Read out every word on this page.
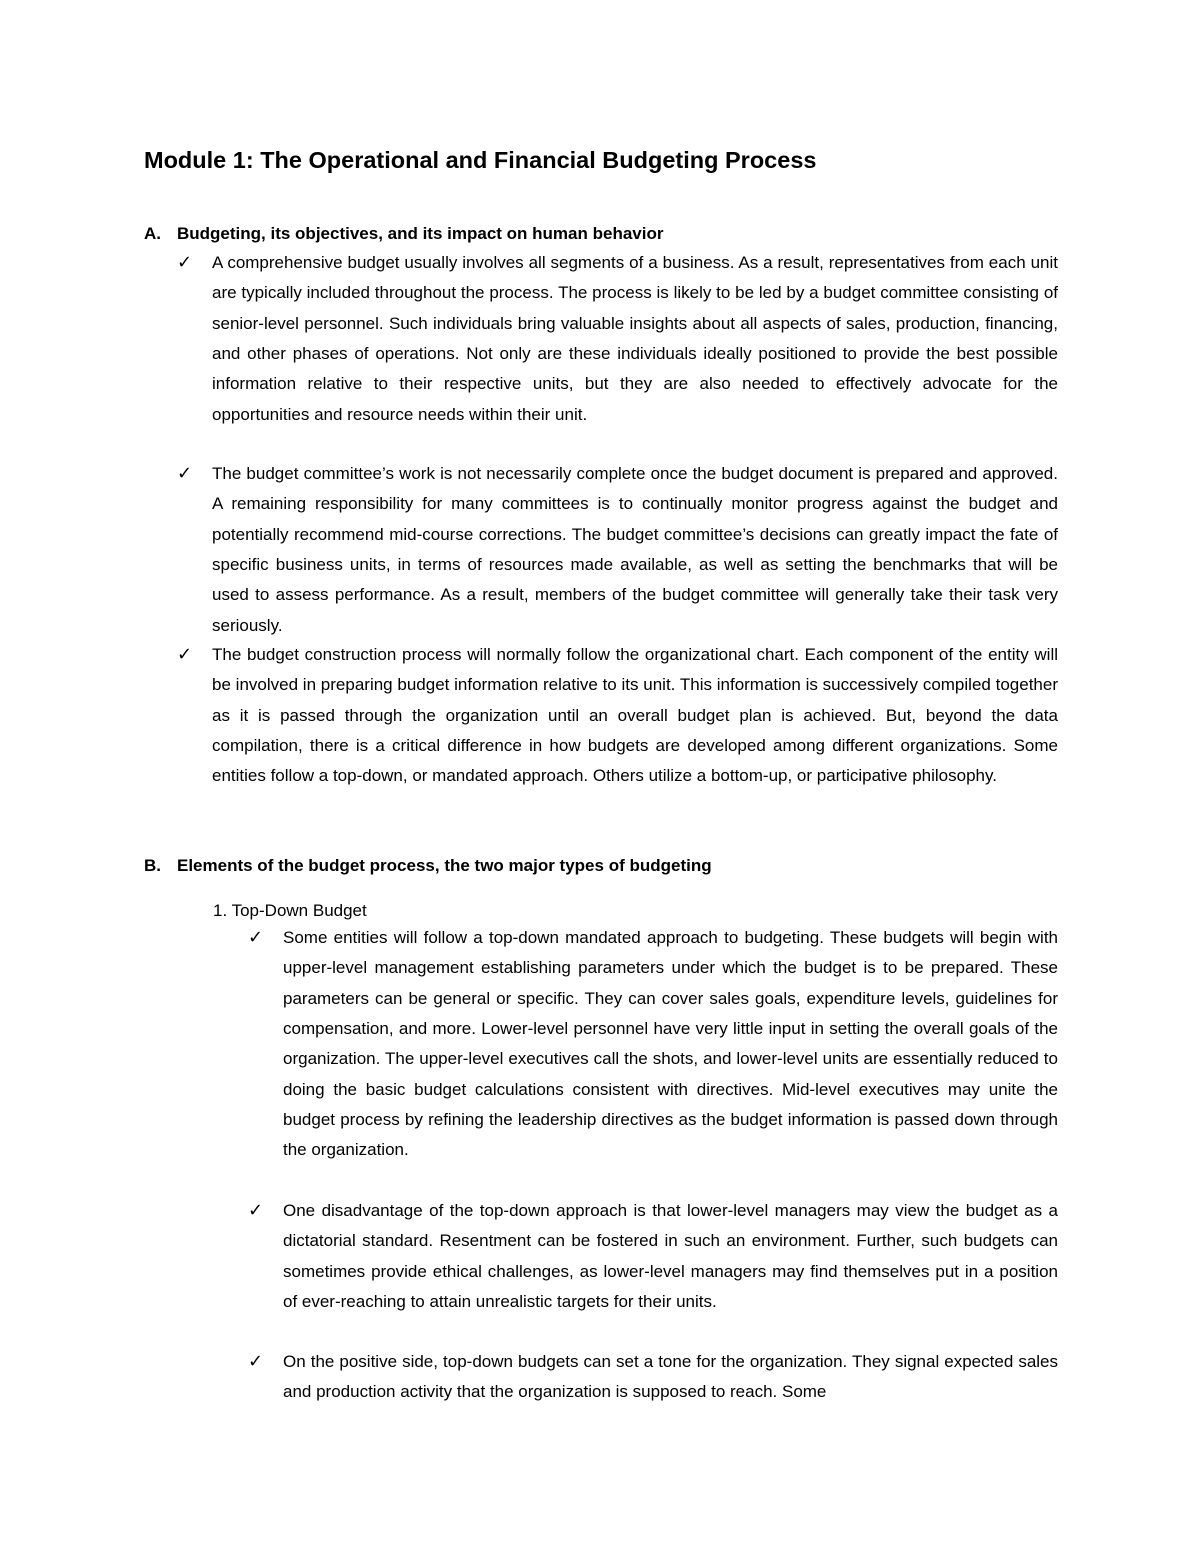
Module 1: The Operational and Financial Budgeting Process
A. Budgeting, its objectives, and its impact on human behavior
✓ A comprehensive budget usually involves all segments of a business. As a result, representatives from each unit are typically included throughout the process. The process is likely to be led by a budget committee consisting of senior-level personnel. Such individuals bring valuable insights about all aspects of sales, production, financing, and other phases of operations. Not only are these individuals ideally positioned to provide the best possible information relative to their respective units, but they are also needed to effectively advocate for the opportunities and resource needs within their unit.
✓ The budget committee’s work is not necessarily complete once the budget document is prepared and approved. A remaining responsibility for many committees is to continually monitor progress against the budget and potentially recommend mid-course corrections. The budget committee’s decisions can greatly impact the fate of specific business units, in terms of resources made available, as well as setting the benchmarks that will be used to assess performance. As a result, members of the budget committee will generally take their task very seriously.
✓ The budget construction process will normally follow the organizational chart. Each component of the entity will be involved in preparing budget information relative to its unit. This information is successively compiled together as it is passed through the organization until an overall budget plan is achieved. But, beyond the data compilation, there is a critical difference in how budgets are developed among different organizations. Some entities follow a top-down, or mandated approach. Others utilize a bottom-up, or participative philosophy.
B. Elements of the budget process, the two major types of budgeting
1. Top-Down Budget
✓ Some entities will follow a top-down mandated approach to budgeting. These budgets will begin with upper-level management establishing parameters under which the budget is to be prepared. These parameters can be general or specific. They can cover sales goals, expenditure levels, guidelines for compensation, and more. Lower-level personnel have very little input in setting the overall goals of the organization. The upper-level executives call the shots, and lower-level units are essentially reduced to doing the basic budget calculations consistent with directives. Mid-level executives may unite the budget process by refining the leadership directives as the budget information is passed down through the organization.
✓ One disadvantage of the top-down approach is that lower-level managers may view the budget as a dictatorial standard. Resentment can be fostered in such an environment. Further, such budgets can sometimes provide ethical challenges, as lower-level managers may find themselves put in a position of ever-reaching to attain unrealistic targets for their units.
✓ On the positive side, top-down budgets can set a tone for the organization. They signal expected sales and production activity that the organization is supposed to reach. Some
